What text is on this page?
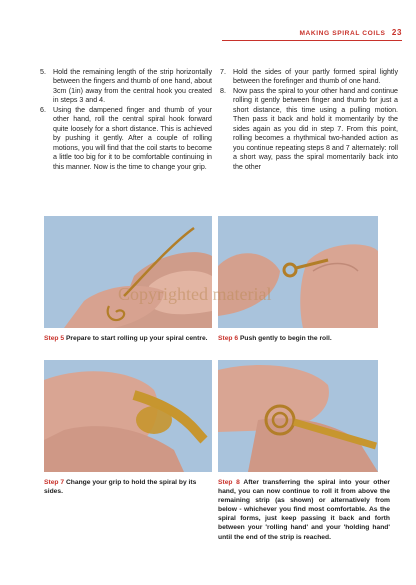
MAKING SPIRAL COILS 23
5. Hold the remaining length of the strip horizontally between the fingers and thumb of one hand, about 3cm (1in) away from the central hook you created in steps 3 and 4.
6. Using the dampened finger and thumb of your other hand, roll the central spiral hook forward quite loosely for a short distance. This is achieved by pushing it gently. After a couple of rolling motions, you will find that the coil starts to become a little too big for it to be comfortable continuing in this manner. Now is the time to change your grip.
7. Hold the sides of your partly formed spiral lightly between the forefinger and thumb of one hand.
8. Now pass the spiral to your other hand and continue rolling it gently between finger and thumb for just a short distance, this time using a pulling motion. Then pass it back and hold it momentarily by the sides again as you did in step 7. From this point, rolling becomes a rhythmical two-handed action as you continue repeating steps 8 and 7 alternately: roll a short way, pass the spiral momentarily back into the other
Copyrighted material
Step 5 Prepare to start rolling up your spiral centre.	Step 6 Push gently to begin the roll.
Step 7 Change your grip to hold the spiral by its sides.
Step 8 After transferring the spiral into your other hand, you can now continue to roll it from above the remaining strip (as shown) or alternatively from below - whichever you find most comfortable. As the spiral forms, just keep passing it back and forth between your 'rolling hand' and your 'holding hand' until the end of the strip is reached.
